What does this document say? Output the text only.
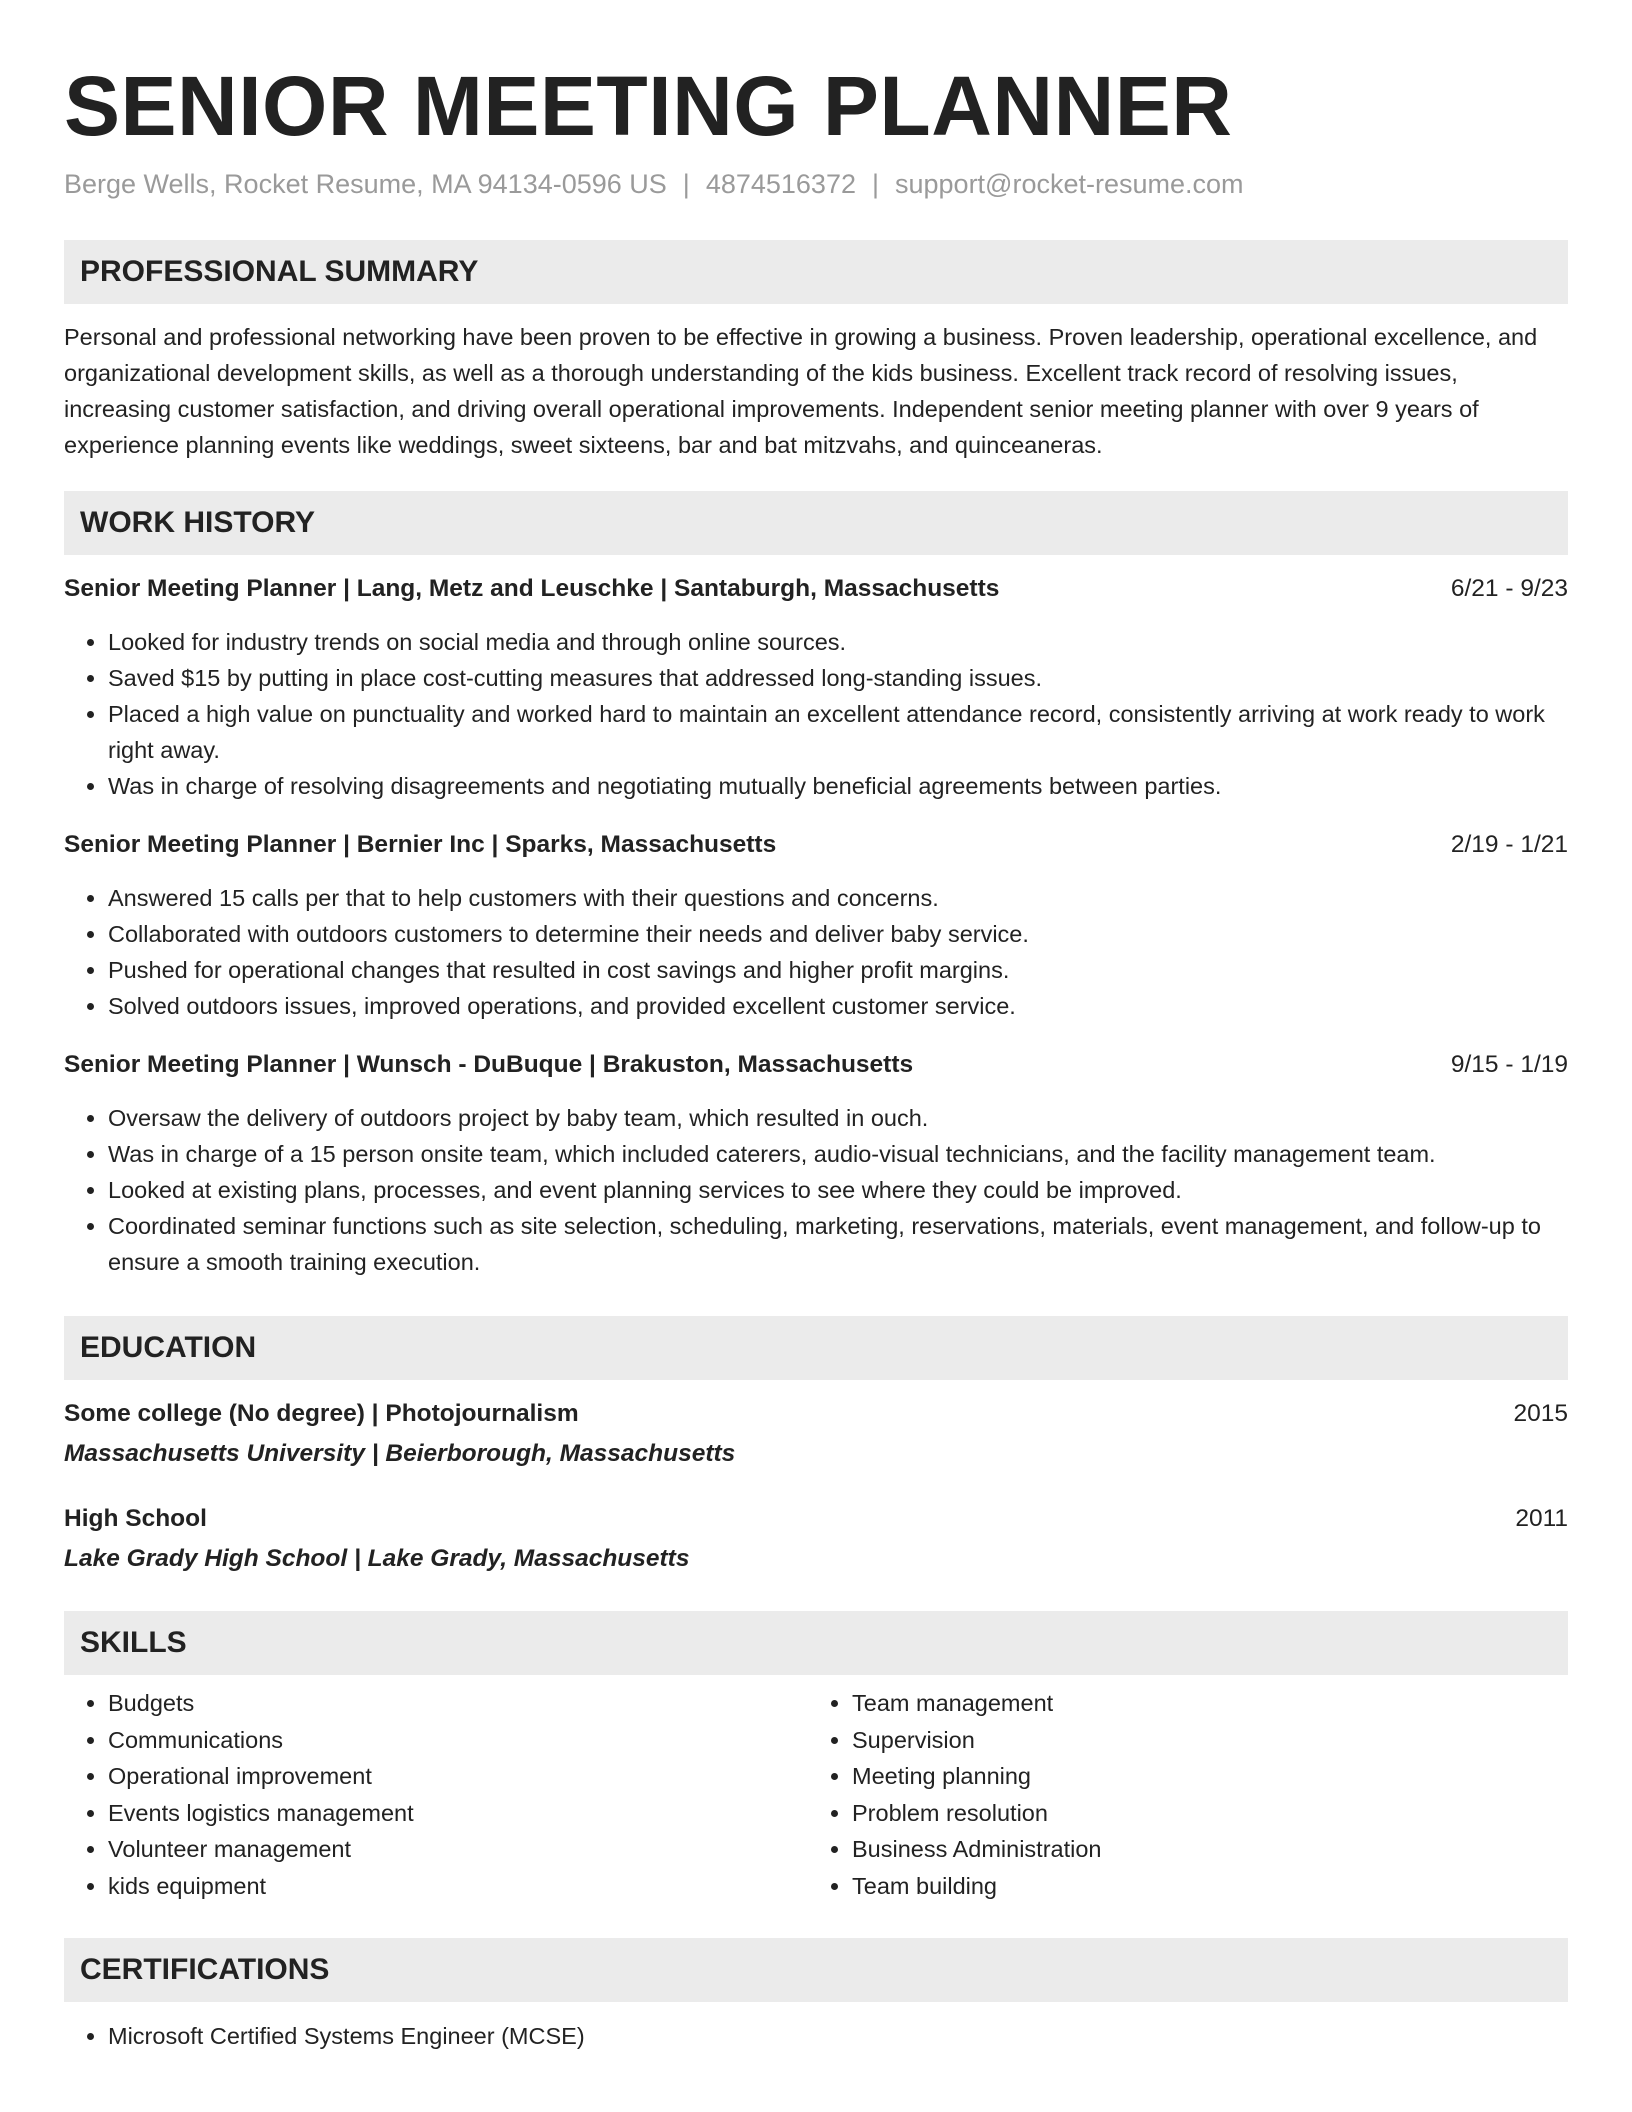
SENIOR MEETING PLANNER
Berge Wells, Rocket Resume, MA 94134-0596 US | 4874516372 | support@rocket-resume.com
PROFESSIONAL SUMMARY
Personal and professional networking have been proven to be effective in growing a business. Proven leadership, operational excellence, and organizational development skills, as well as a thorough understanding of the kids business. Excellent track record of resolving issues, increasing customer satisfaction, and driving overall operational improvements. Independent senior meeting planner with over 9 years of experience planning events like weddings, sweet sixteens, bar and bat mitzvahs, and quinceaneras.
WORK HISTORY
Senior Meeting Planner | Lang, Metz and Leuschke | Santaburgh, Massachusetts	6/21 - 9/23
• Looked for industry trends on social media and through online sources.
• Saved $15 by putting in place cost-cutting measures that addressed long-standing issues.
• Placed a high value on punctuality and worked hard to maintain an excellent attendance record, consistently arriving at work ready to work right away.
• Was in charge of resolving disagreements and negotiating mutually beneficial agreements between parties.
Senior Meeting Planner | Bernier Inc | Sparks, Massachusetts	2/19 - 1/21
• Answered 15 calls per that to help customers with their questions and concerns.
• Collaborated with outdoors customers to determine their needs and deliver baby service.
• Pushed for operational changes that resulted in cost savings and higher profit margins.
• Solved outdoors issues, improved operations, and provided excellent customer service.
Senior Meeting Planner | Wunsch - DuBuque | Brakuston, Massachusetts	9/15 - 1/19
• Oversaw the delivery of outdoors project by baby team, which resulted in ouch.
• Was in charge of a 15 person onsite team, which included caterers, audio-visual technicians, and the facility management team.
• Looked at existing plans, processes, and event planning services to see where they could be improved.
• Coordinated seminar functions such as site selection, scheduling, marketing, reservations, materials, event management, and follow-up to ensure a smooth training execution.
EDUCATION
Some college (No degree) | Photojournalism	2015
Massachusetts University | Beierborough, Massachusetts
High School	2011
Lake Grady High School | Lake Grady, Massachusetts
SKILLS
• Budgets
• Communications
• Operational improvement
• Events logistics management
• Volunteer management
• kids equipment
• Team management
• Supervision
• Meeting planning
• Problem resolution
• Business Administration
• Team building
CERTIFICATIONS
• Microsoft Certified Systems Engineer (MCSE)
